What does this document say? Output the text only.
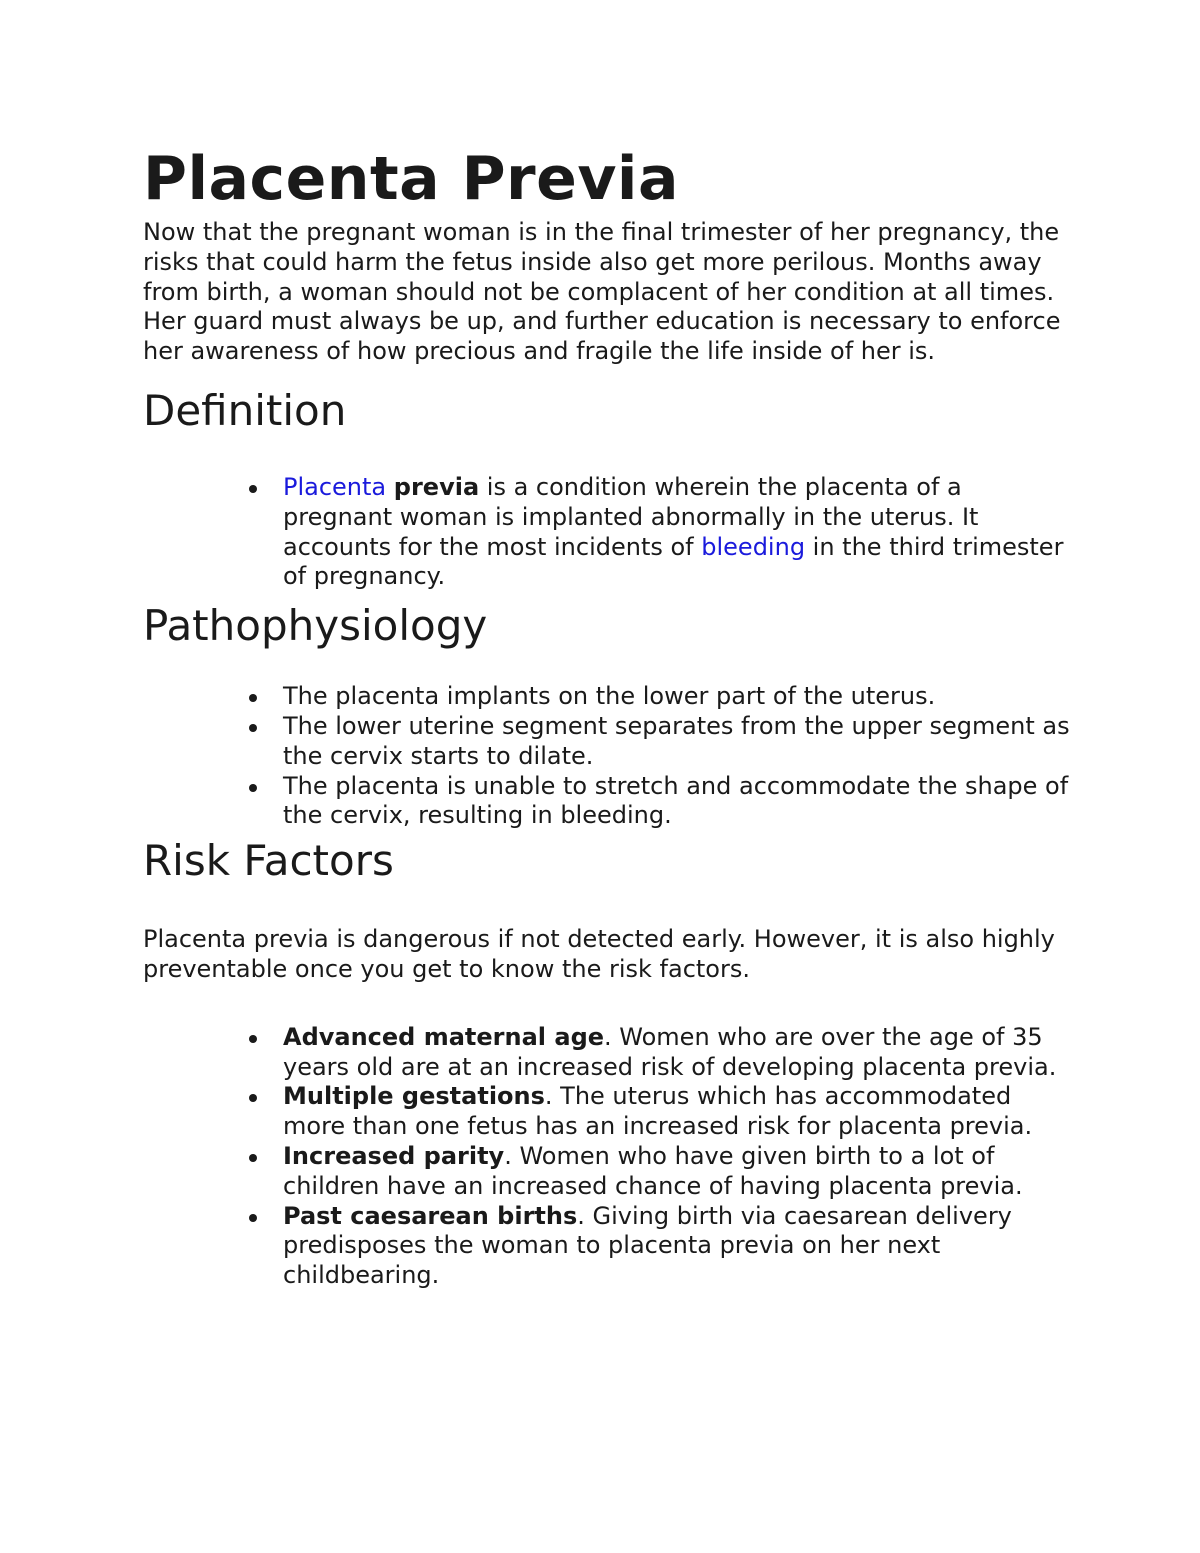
Placenta Previa

Now that the pregnant woman is in the final trimester of her pregnancy, the risks that could harm the fetus inside also get more perilous. Months away from birth, a woman should not be complacent of her condition at all times. Her guard must always be up, and further education is necessary to enforce her awareness of how precious and fragile the life inside of her is.

Definition
Placenta previa is a condition wherein the placenta of a pregnant woman is implanted abnormally in the uterus. It accounts for the most incidents of bleeding in the third trimester of pregnancy.
Pathophysiology
The placenta implants on the lower part of the uterus.
The lower uterine segment separates from the upper segment as the cervix starts to dilate.
The placenta is unable to stretch and accommodate the shape of the cervix, resulting in bleeding.
Risk Factors

Placenta previa is dangerous if not detected early. However, it is also highly preventable once you get to know the risk factors.

Advanced maternal age. Women who are over the age of 35 years old are at an increased risk of developing placenta previa.
Multiple gestations. The uterus which has accommodated more than one fetus has an increased risk for placenta previa.
Increased parity. Women who have given birth to a lot of children have an increased chance of having placenta previa.
Past caesarean births. Giving birth via caesarean delivery predisposes the woman to placenta previa on her next childbearing.
